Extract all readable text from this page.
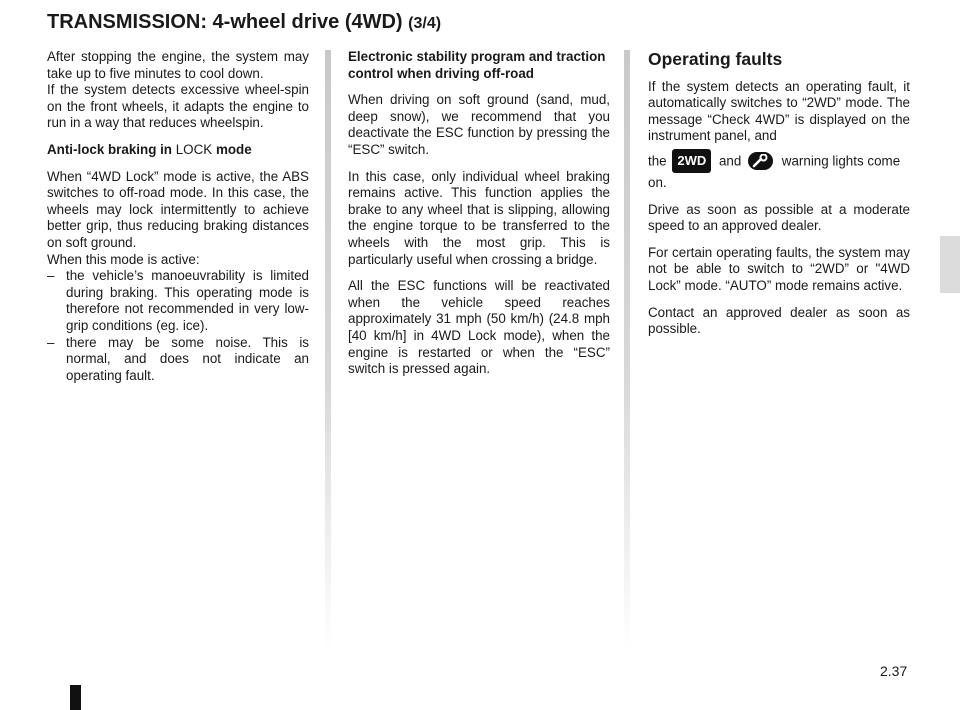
TRANSMISSION: 4-wheel drive (4WD) (3/4)

After stopping the engine, the system may take up to five minutes to cool down.

If the system detects excessive wheel-spin on the front wheels, it adapts the engine to run in a way that reduces wheelspin.

Anti-lock braking in LOCK mode

When “4WD Lock” mode is active, the ABS switches to off-road mode. In this case, the wheels may lock intermittently to achieve better grip, thus reducing braking distances on soft ground.

When this mode is active:

– the vehicle’s manoeuvrability is limited during braking. This operating mode is therefore not recommended in very low-grip conditions (eg. ice).
– there may be some noise. This is normal, and does not indicate an operating fault.

Electronic stability program and traction control when driving off-road

When driving on soft ground (sand, mud, deep snow), we recommend that you deactivate the ESC function by pressing the “ESC” switch.

In this case, only individual wheel braking remains active. This function applies the brake to any wheel that is slipping, allowing the engine torque to be transferred to the wheels with the most grip. This is particularly useful when crossing a bridge.

All the ESC functions will be reactivated when the vehicle speed reaches approximately 31 mph (50 km/h) (24.8 mph [40 km/h] in 4WD Lock mode), when the engine is restarted or when the “ESC” switch is pressed again.

Operating faults

If the system detects an operating fault, it automatically switches to “2WD” mode. The message “Check 4WD” is displayed on the instrument panel, and

the 2WD and	warning lights come on.

Drive as soon as possible at a moderate speed to an approved dealer.

For certain operating faults, the system may not be able to switch to “2WD” or "4WD Lock” mode. “AUTO” mode remains active.

Contact an approved dealer as soon as possible.

2.37
